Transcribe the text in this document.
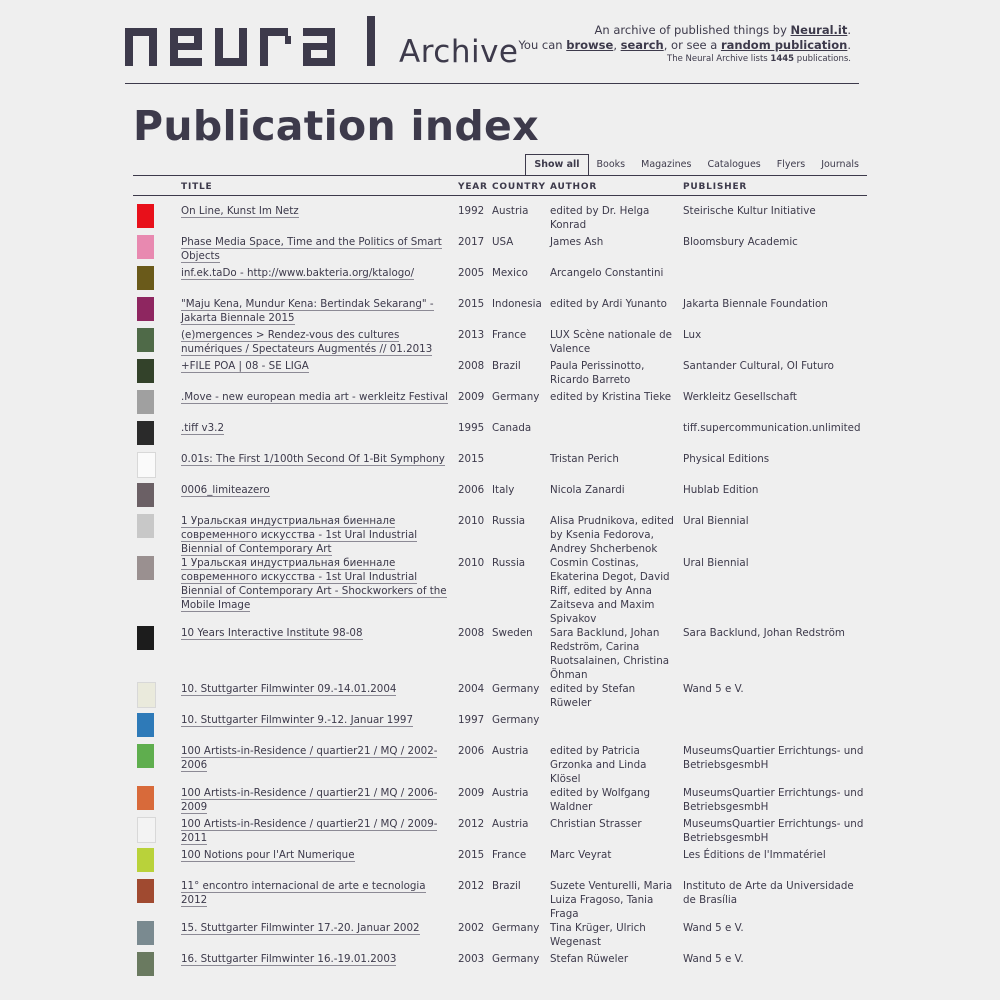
Archive
An archive of published things by Neural.it.
You can browse, search, or see a random publication.
The Neural Archive lists 1445 publications.
Publication index
Show all	Books	Magazines	Catalogues	Flyers	Journals
	TITLE	YEAR	COUNTRY	AUTHOR	PUBLISHER

	On Line, Kunst Im Netz	1992	Austria	edited by Dr. Helga Konrad	Steirische Kultur Initiative

	Phase Media Space, Time and the Politics of Smart Objects	2017	USA	James Ash	Bloomsbury Academic

	inf.ek.taDo - http://www.bakteria.org/ktalogo/	2005	Mexico	Arcangelo Constantini	

	"Maju Kena, Mundur Kena: Bertindak Sekarang" - Jakarta Biennale 2015	2015	Indonesia	edited by Ardi Yunanto	Jakarta Biennale Foundation

	(e)mergences > Rendez-vous des cultures numériques / Spectateurs Augmentés // 01.2013	2013	France	LUX Scène nationale de Valence	Lux

	+FILE POA | 08 - SE LIGA	2008	Brazil	Paula Perissinotto, Ricardo Barreto	Santander Cultural, OI Futuro

	.Move - new european media art - werkleitz Festival	2009	Germany	edited by Kristina Tieke	Werkleitz Gesellschaft

	.tiff v3.2	1995	Canada		tiff.supercommunication.unlimited

	0.01s: The First 1/100th Second Of 1-Bit Symphony	2015		Tristan Perich	Physical Editions

	0006_limiteazero	2006	Italy	Nicola Zanardi	Hublab Edition

	1 Уральская индустриальная биеннале современного искусства - 1st Ural Industrial Biennial of Contemporary Art	2010	Russia	Alisa Prudnikova, edited by Ksenia Fedorova, Andrey Shcherbenok	Ural Biennial

	1 Уральская индустриальная биеннале современного искусства - 1st Ural Industrial Biennial of Contemporary Art - Shockworkers of the Mobile Image	2010	Russia	Cosmin Costinas, Ekaterina Degot, David Riff, edited by Anna Zaitseva and Maxim Spivakov	Ural Biennial

	10 Years Interactive Institute 98-08	2008	Sweden	Sara Backlund, Johan Redström, Carina Ruotsalainen, Christina Öhman	Sara Backlund, Johan Redström

	10. Stuttgarter Filmwinter 09.-14.01.2004	2004	Germany	edited by Stefan Rüweler	Wand 5 e V.

	10. Stuttgarter Filmwinter 9.-12. Januar 1997	1997	Germany		

	100 Artists-in-Residence / quartier21 / MQ / 2002-2006	2006	Austria	edited by Patricia Grzonka and Linda Klösel	MuseumsQuartier Errichtungs- und BetriebsgesmbH

	100 Artists-in-Residence / quartier21 / MQ / 2006-2009	2009	Austria	edited by Wolfgang Waldner	MuseumsQuartier Errichtungs- und BetriebsgesmbH

	100 Artists-in-Residence / quartier21 / MQ / 2009-2011	2012	Austria	Christian Strasser	MuseumsQuartier Errichtungs- und BetriebsgesmbH

	100 Notions pour l'Art Numerique	2015	France	Marc Veyrat	Les Éditions de l'Immatériel

	11° encontro internacional de arte e tecnologia 2012	2012	Brazil	Suzete Venturelli, Maria Luiza Fragoso, Tania Fraga	Instituto de Arte da Universidade de Brasília

	15. Stuttgarter Filmwinter 17.-20. Januar 2002	2002	Germany	Tina Krüger, Ulrich Wegenast	Wand 5 e V.

	16. Stuttgarter Filmwinter 16.-19.01.2003	2003	Germany	Stefan Rüweler	Wand 5 e V.
